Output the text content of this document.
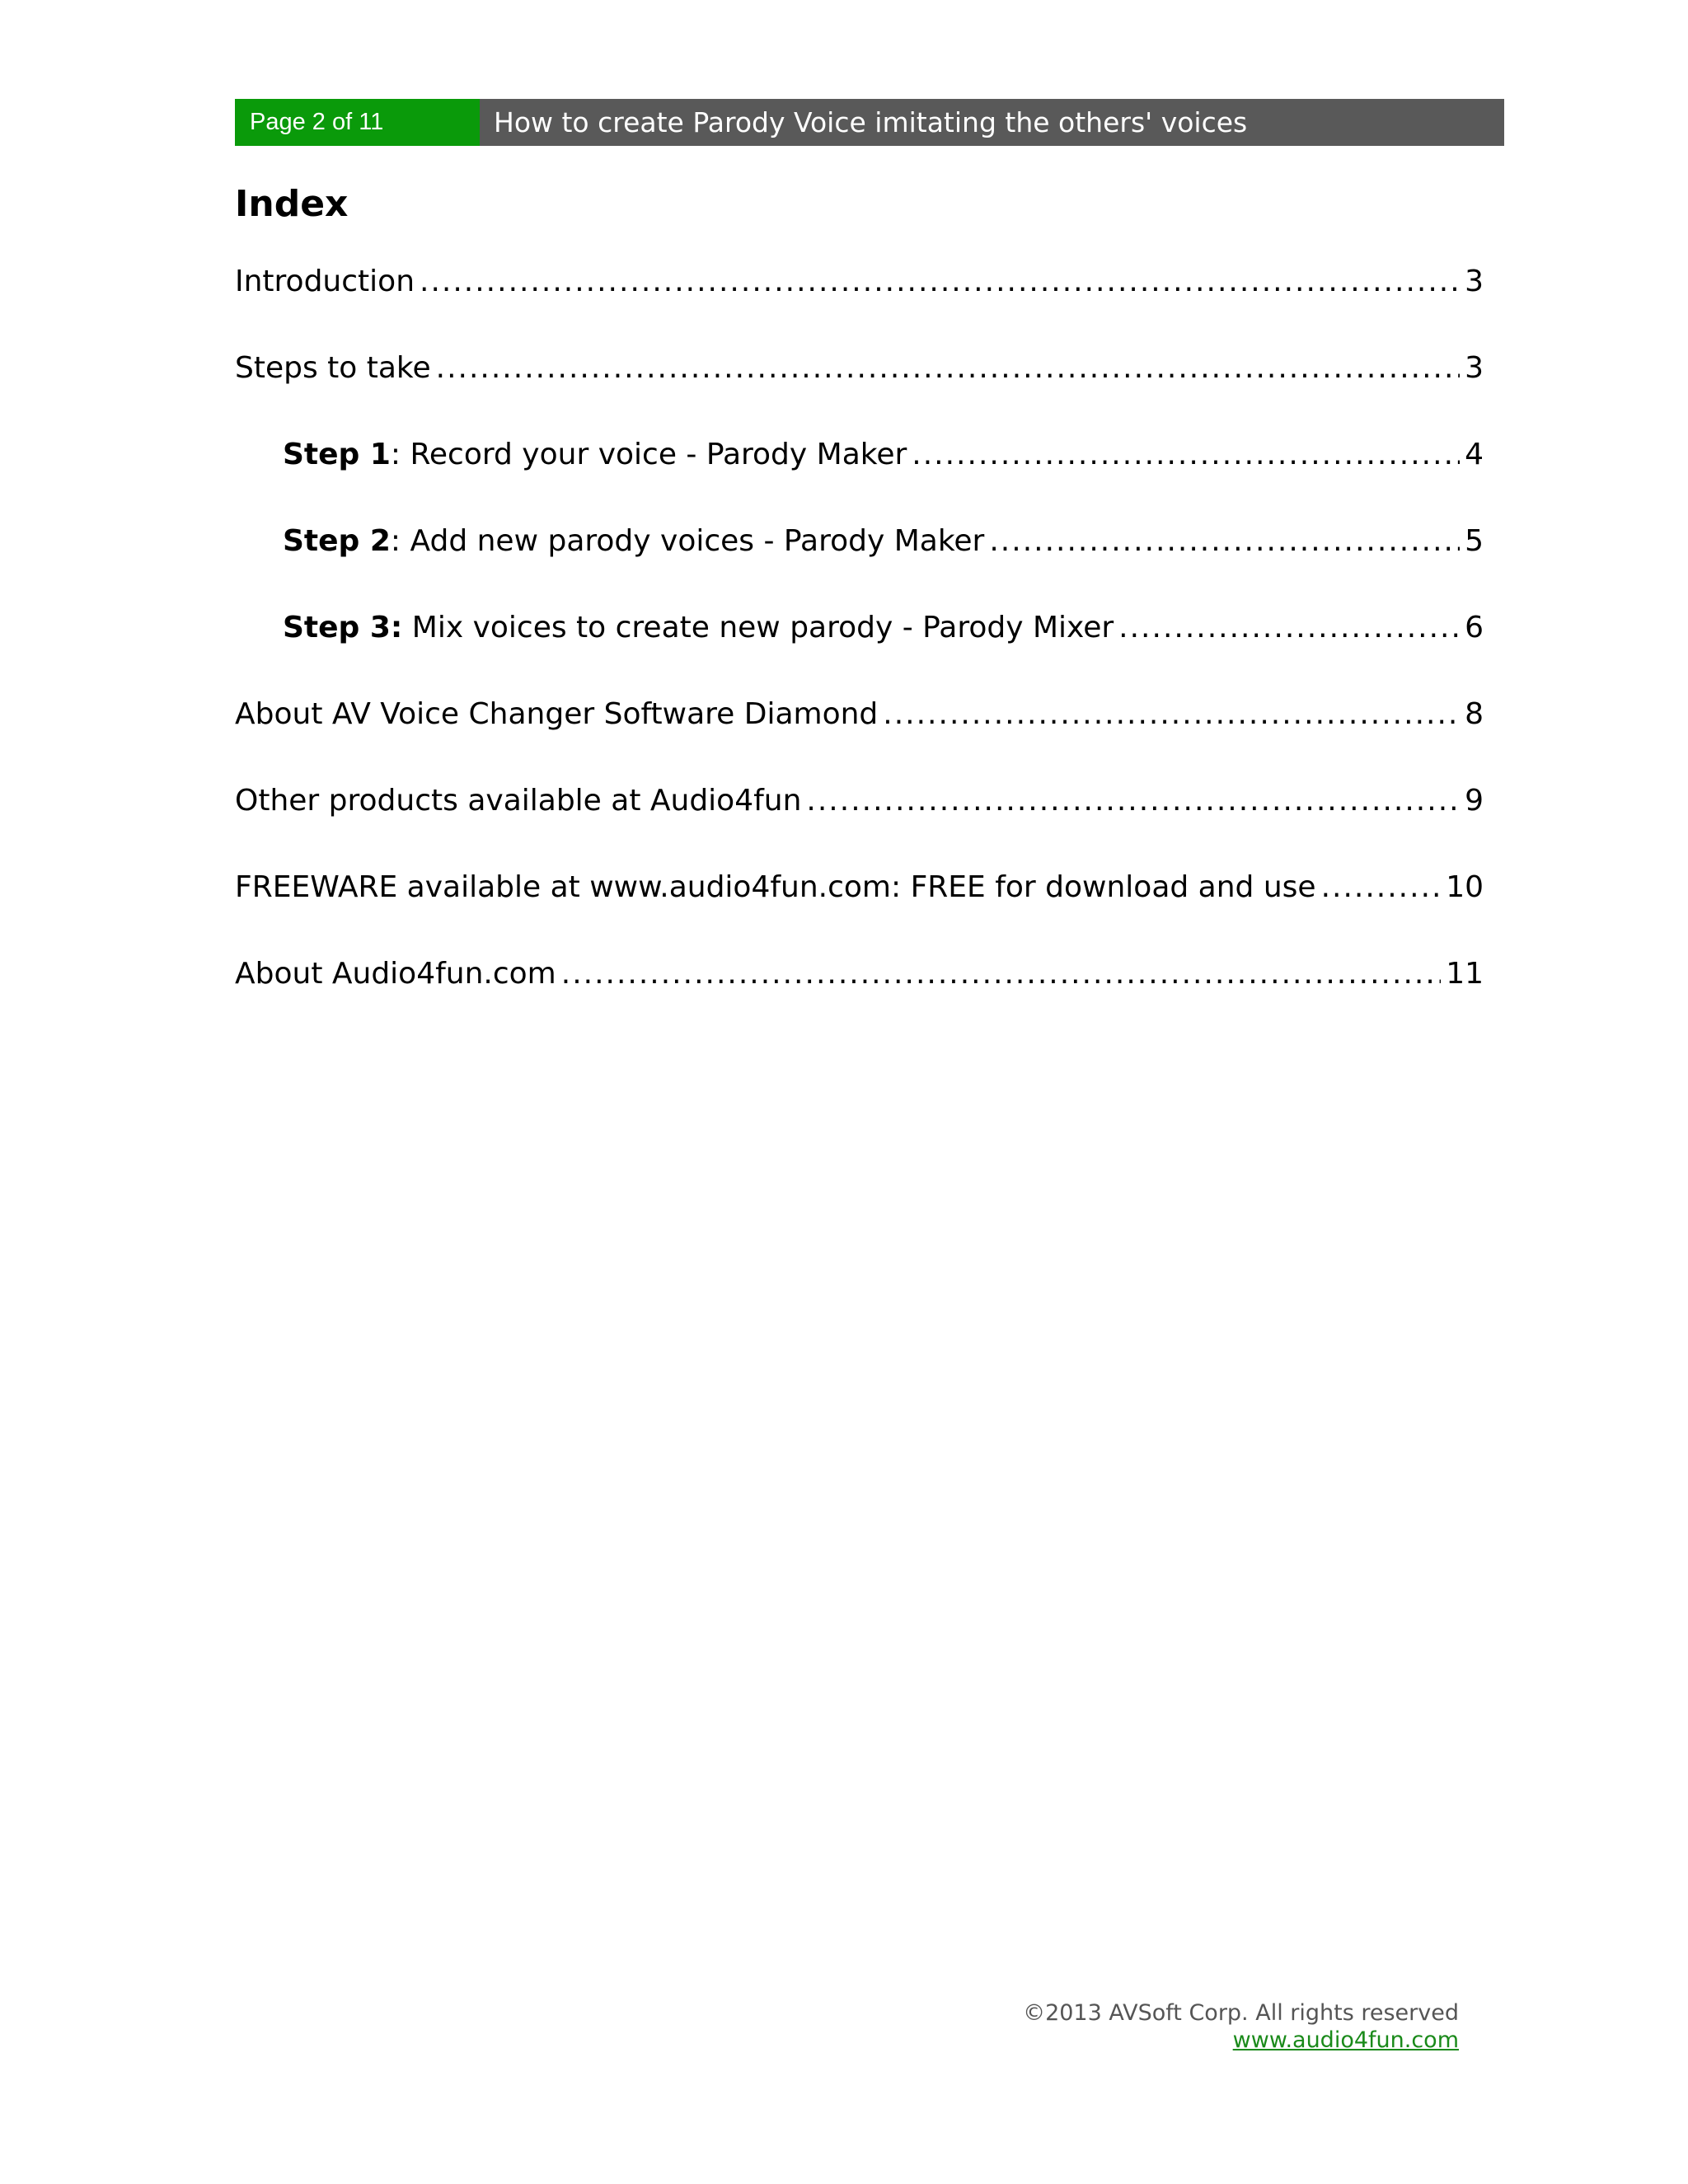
Page 2 of 11	How to create Parody Voice imitating the others' voices
Index
Introduction .....	3
Steps to take .....	3
Step 1 : Record your voice - Parody Maker .....	4
Step 2 : Add new parody voices - Parody Maker .....	5
Step 3: Mix voices to create new parody - Parody Mixer .....	6
About AV Voice Changer Software Diamond .....	8
Other products available at Audio4fun .....	9
FREEWARE available at www.audio4fun.com: FREE for download and use .....	10
About Audio4fun.com .....	11
©2013 AVSoft Corp. All rights reserved
www.audio4fun.com
